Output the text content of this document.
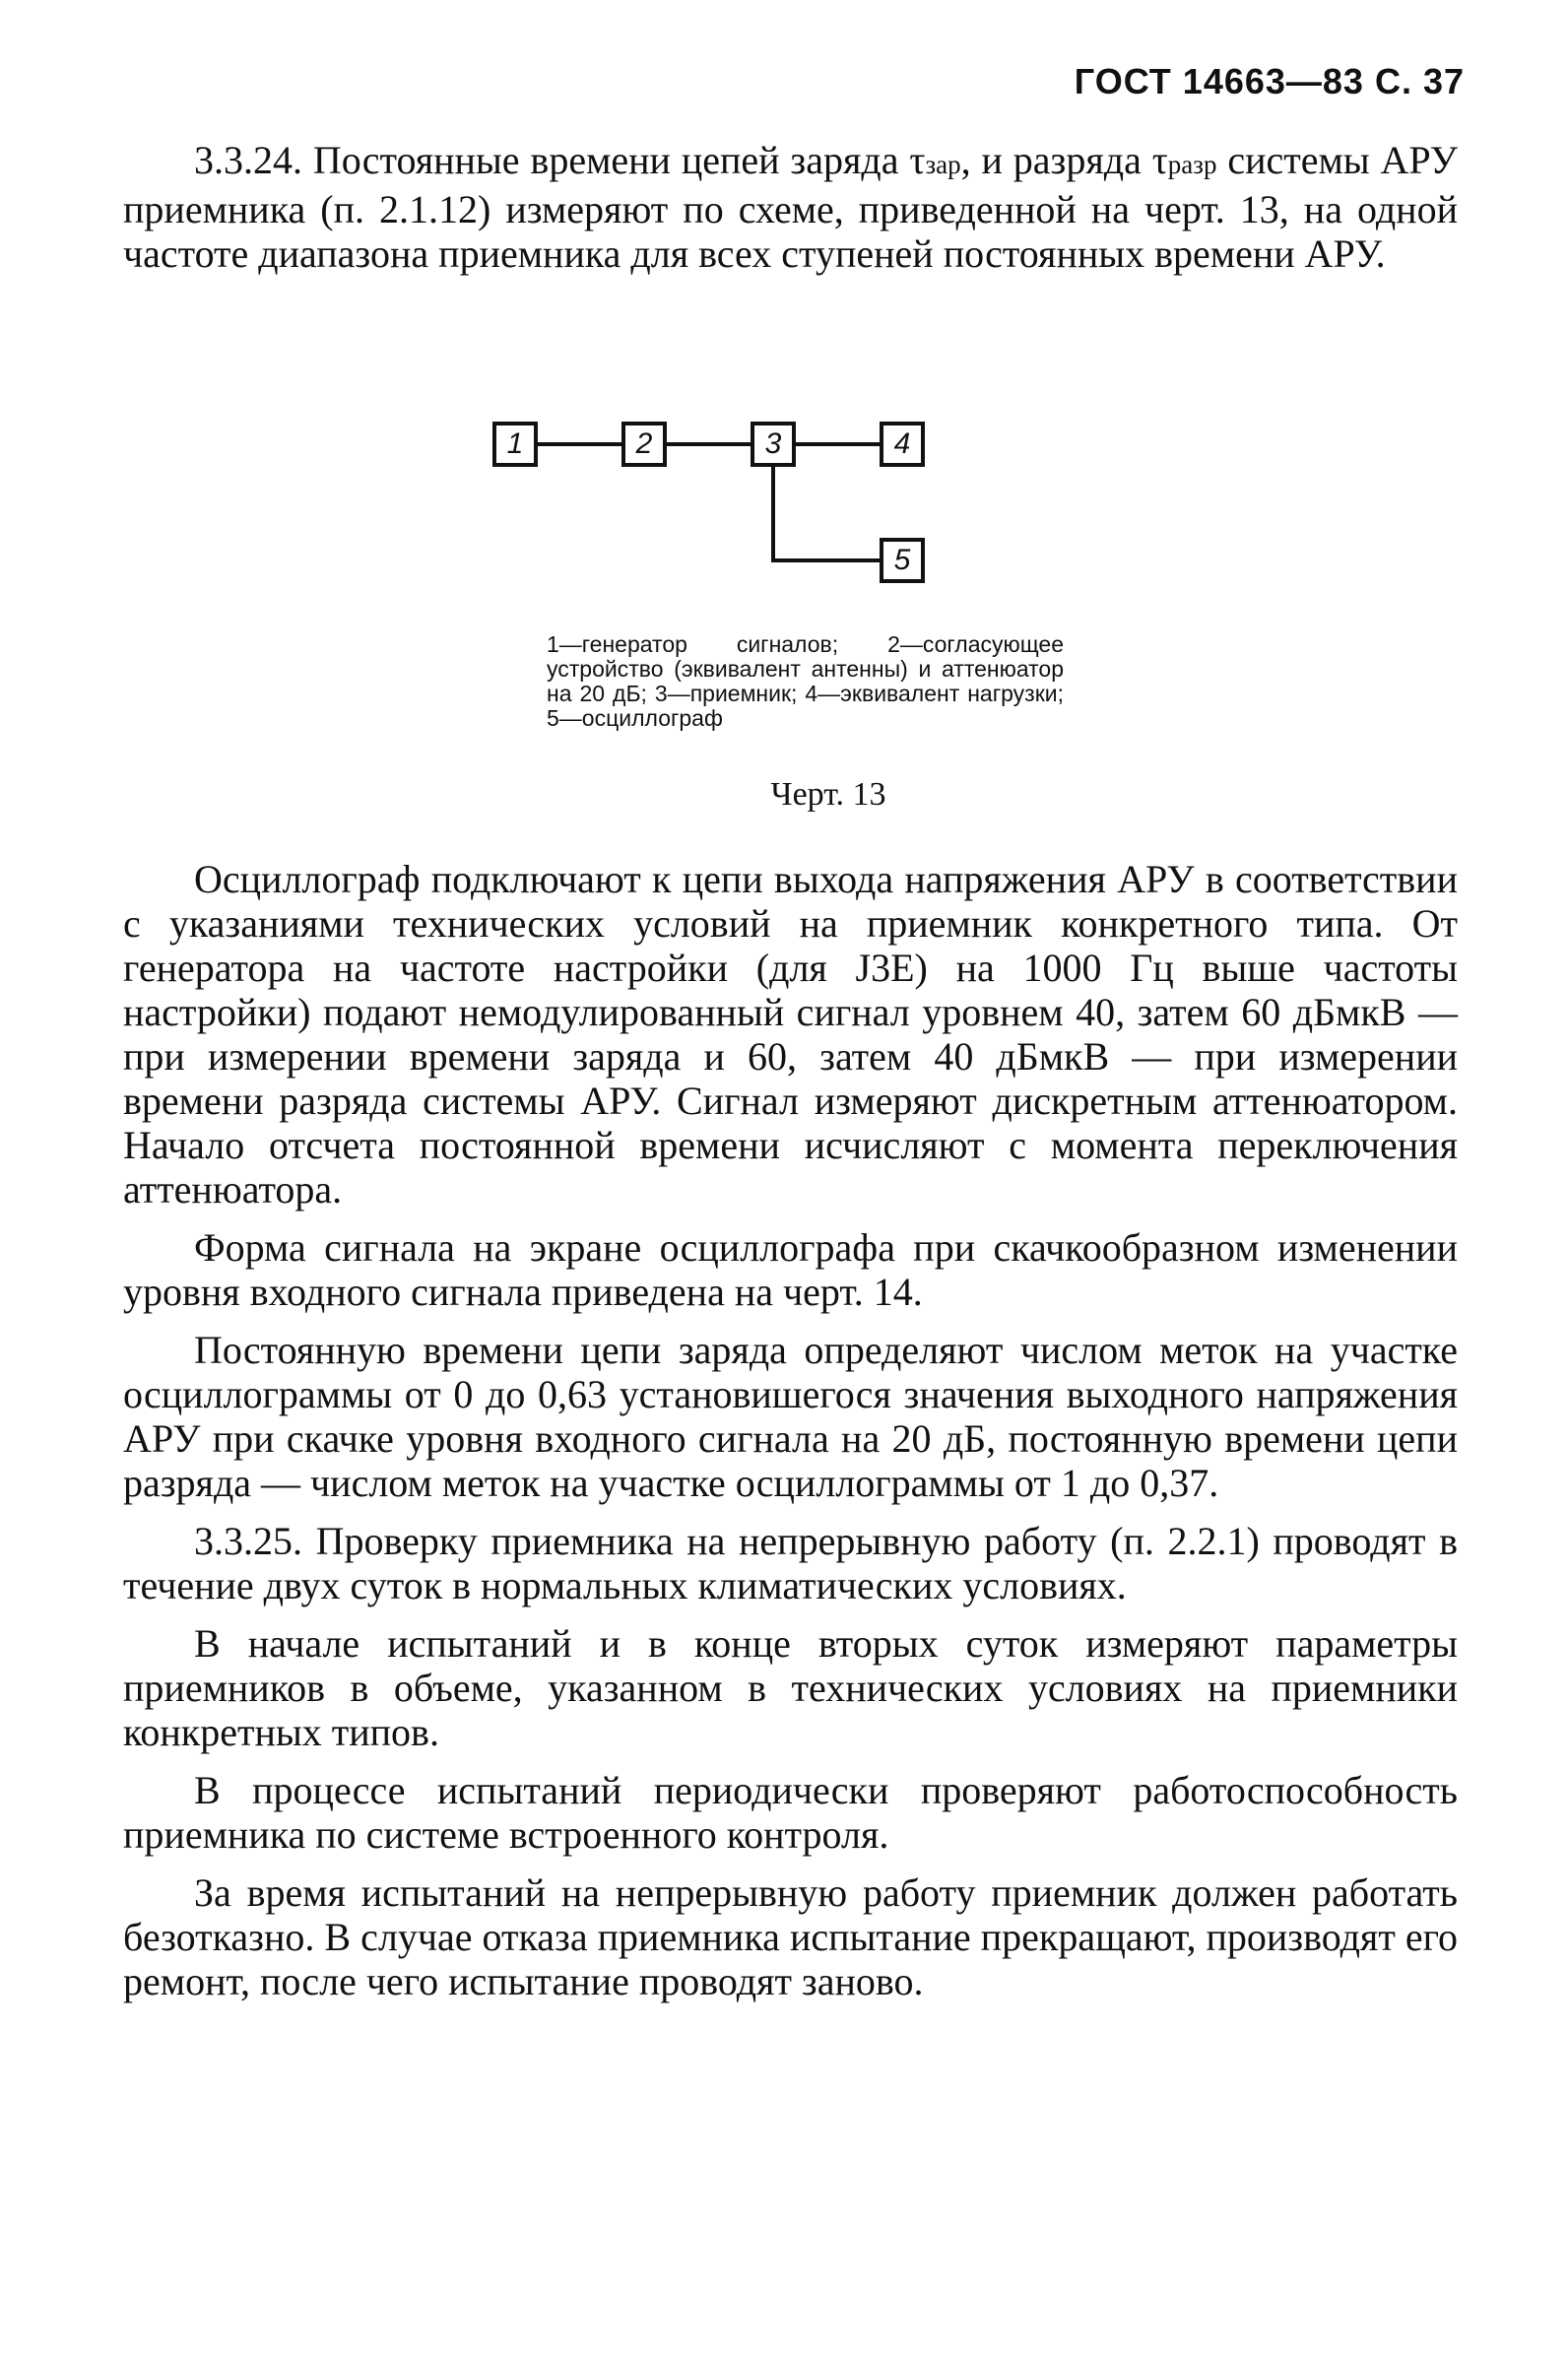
ГОСТ 14663—83 С. 37

3.3.24. Постоянные времени цепей заряда τзар, и разряда τразр системы АРУ приемника (п. 2.1.12) измеряют по схеме, приведенной на черт. 13, на одной частоте диапазона приемника для всех ступеней постоянных времени АРУ.

1	2	3	4
5
1—генератор сигналов; 2—согласующее устройство (эквивалент антенны) и аттенюатор на 20 дБ; 3—приемник; 4—эквивалент нагрузки; 5—осциллограф
Черт. 13

Осциллограф подключают к цепи выхода напряжения АРУ в соответствии с указаниями технических условий на приемник конкретного типа. От генератора на частоте настройки (для J3E) на 1000 Гц выше частоты настройки) подают немодулированный сигнал уровнем 40, затем 60 дБмкВ — при измерении времени заряда и 60, затем 40 дБмкВ — при измерении времени разряда системы АРУ. Сигнал измеряют дискретным аттенюатором. Начало отсчета постоянной времени исчисляют с момента переключения аттенюатора.

Форма сигнала на экране осциллографа при скачкообразном изменении уровня входного сигнала приведена на черт. 14.

Постоянную времени цепи заряда определяют числом меток на участке осциллограммы от 0 до 0,63 установишегося значения выходного напряжения АРУ при скачке уровня входного сигнала на 20 дБ, постоянную времени цепи разряда — числом меток на участке осциллограммы от 1 до 0,37.

3.3.25. Проверку приемника на непрерывную работу (п. 2.2.1) проводят в течение двух суток в нормальных климатических условиях.

В начале испытаний и в конце вторых суток измеряют параметры приемников в объеме, указанном в технических условиях на приемники конкретных типов.

В процессе испытаний периодически проверяют работоспособность приемника по системе встроенного контроля.

За время испытаний на непрерывную работу приемник должен работать безотказно. В случае отказа приемника испытание прекращают, производят его ремонт, после чего испытание проводят заново.
